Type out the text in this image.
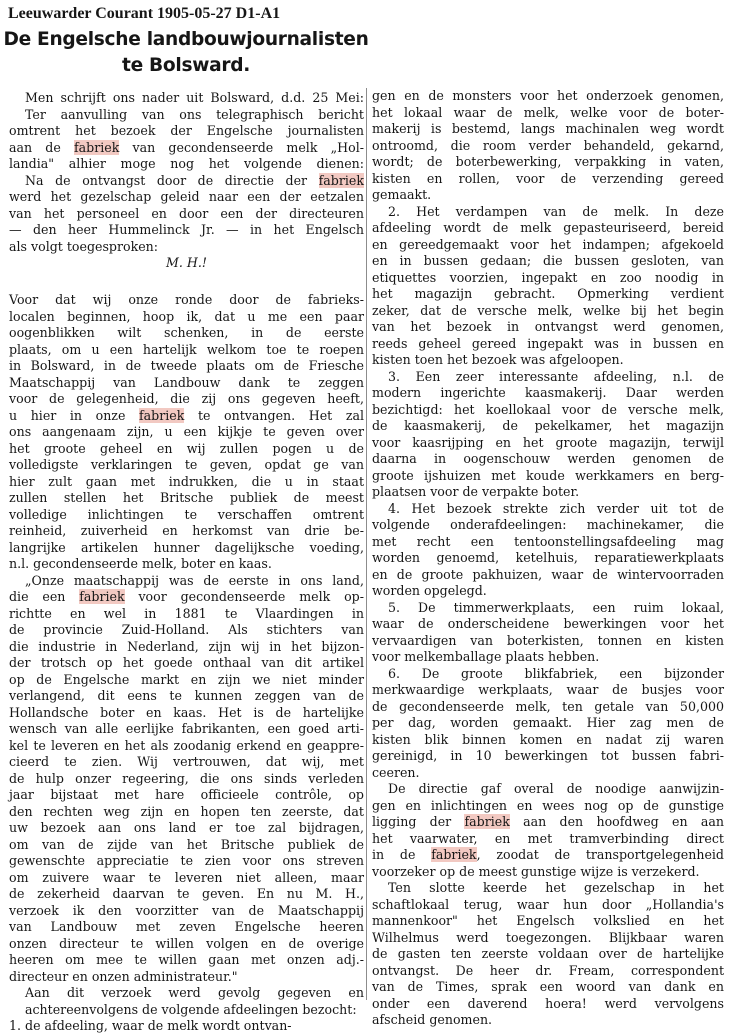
Leeuwarder Courant 1905-05-27 D1-A1
De Engelsche landbouwjournalisten
te Bolsward.
Men schrijft ons nader uit Bolsward, d.d. 25 Mei:
Ter aanvulling van ons telegraphisch bericht
omtrent het bezoek der Engelsche journalisten
aan de fabriek van gecondenseerde melk „Hol-
landia" alhier moge nog het volgende dienen:
Na de ontvangst door de directie der fabriek
werd het gezelschap geleid naar een der eetzalen
van het personeel en door een der directeuren
— den heer Hummelinck Jr. — in het Engelsch
als volgt toegesproken:
M. H.!

Voor dat wij onze ronde door de fabrieks-
localen beginnen, hoop ik, dat u me een paar
oogenblikken wilt schenken, in de eerste
plaats, om u een hartelijk welkom toe te roepen
in Bolsward, in de tweede plaats om de Friesche
Maatschappij van Landbouw dank te zeggen
voor de gelegenheid, die zij ons gegeven heeft,
u hier in onze fabriek te ontvangen. Het zal
ons aangenaam zijn, u een kijkje te geven over
het groote geheel en wij zullen pogen u de
volledigste verklaringen te geven, opdat ge van
hier zult gaan met indrukken, die u in staat
zullen stellen het Britsche publiek de meest
volledige inlichtingen te verschaffen omtrent
reinheid, zuiverheid en herkomst van drie be-
langrijke artikelen hunner dagelijksche voeding,
n.l. gecondenseerde melk, boter en kaas.
„Onze maatschappij was de eerste in ons land,
die een fabriek voor gecondenseerde melk op-
richtte en wel in 1881 te Vlaardingen in
de provincie Zuid-Holland. Als stichters van
die industrie in Nederland, zijn wij in het bijzon-
der trotsch op het goede onthaal van dit artikel
op de Engelsche markt en zijn we niet minder
verlangend, dit eens te kunnen zeggen van de
Hollandsche boter en kaas. Het is de hartelijke
wensch van alle eerlijke fabrikanten, een goed arti-
kel te leveren en het als zoodanig erkend en geappre-
cieerd te zien. Wij vertrouwen, dat wij, met
de hulp onzer regeering, die ons sinds verleden
jaar bijstaat met hare officieele contrôle, op
den rechten weg zijn en hopen ten zeerste, dat
uw bezoek aan ons land er toe zal bijdragen,
om van de zijde van het Britsche publiek de
gewenschte appreciatie te zien voor ons streven
om zuivere waar te leveren niet alleen, maar
de zekerheid daarvan te geven. En nu M. H.,
verzoek ik den voorzitter van de Maatschappij
van Landbouw met zeven Engelsche heeren
onzen directeur te willen volgen en de overige
heeren om mee te willen gaan met onzen adj.-
directeur en onzen administrateur."
Aan dit verzoek werd gevolg gegeven en
achtereenvolgens de volgende afdeelingen bezocht:
1. de afdeeling, waar de melk wordt ontvan-
gen en de monsters voor het onderzoek genomen,
het lokaal waar de melk, welke voor de boter-
makerij is bestemd, langs machinalen weg wordt
ontroomd, die room verder behandeld, gekarnd,
wordt; de boterbewerking, verpakking in vaten,
kisten en rollen, voor de verzending gereed
gemaakt.
2. Het verdampen van de melk. In deze
afdeeling wordt de melk gepasteuriseerd, bereid
en gereedgemaakt voor het indampen; afgekoeld
en in bussen gedaan; die bussen gesloten, van
etiquettes voorzien, ingepakt en zoo noodig in
het magazijn gebracht. Opmerking verdient
zeker, dat de versche melk, welke bij het begin
van het bezoek in ontvangst werd genomen,
reeds geheel gereed ingepakt was in bussen en
kisten toen het bezoek was afgeloopen.
3. Een zeer interessante afdeeling, n.l. de
modern ingerichte kaasmakerij. Daar werden
bezichtigd: het koellokaal voor de versche melk,
de kaasmakerij, de pekelkamer, het magazijn
voor kaasrijping en het groote magazijn, terwijl
daarna in oogenschouw werden genomen de
groote ijshuizen met koude werkkamers en berg-
plaatsen voor de verpakte boter.
4. Het bezoek strekte zich verder uit tot de
volgende onderafdeelingen: machinekamer, die
met recht een tentoonstellingsafdeeling mag
worden genoemd, ketelhuis, reparatiewerkplaats
en de groote pakhuizen, waar de wintervoorraden
worden opgelegd.
5. De timmerwerkplaats, een ruim lokaal,
waar de onderscheidene bewerkingen voor het
vervaardigen van boterkisten, tonnen en kisten
voor melkemballage plaats hebben.
6. De groote blikfabriek, een bijzonder
merkwaardige werkplaats, waar de busjes voor
de gecondenseerde melk, ten getale van 50,000
per dag, worden gemaakt. Hier zag men de
kisten blik binnen komen en nadat zij waren
gereinigd, in 10 bewerkingen tot bussen fabri-
ceeren.
De directie gaf overal de noodige aanwijzin-
gen en inlichtingen en wees nog op de gunstige
ligging der fabriek aan den hoofdweg en aan
het vaarwater, en met tramverbinding direct
in de fabriek, zoodat de transportgelegenheid
voorzeker op de meest gunstige wijze is verzekerd.
Ten slotte keerde het gezelschap in het
schaftlokaal terug, waar hun door „Hollandia's
mannenkoor" het Engelsch volkslied en het
Wilhelmus werd toegezongen. Blijkbaar waren
de gasten ten zeerste voldaan over de hartelijke
ontvangst. De heer dr. Fream, correspondent
van de Times, sprak een woord van dank en
onder een daverend hoera! werd vervolgens
afscheid genomen.
